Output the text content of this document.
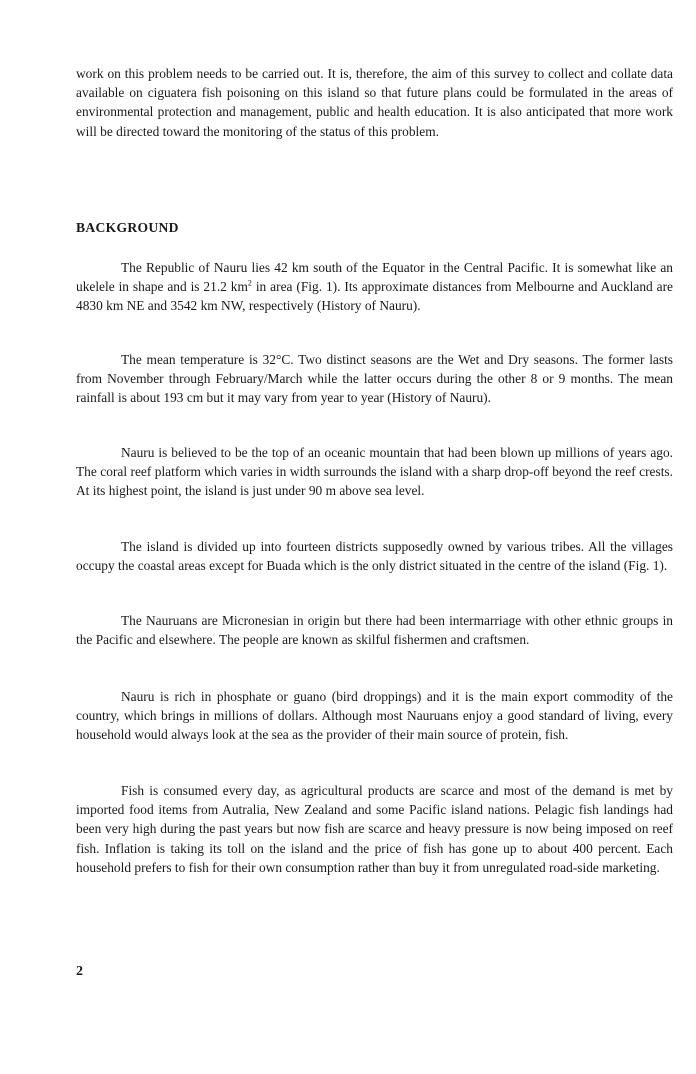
work on this problem needs to be carried out. It is, therefore, the aim of this survey to collect and collate data available on ciguatera fish poisoning on this island so that future plans could be formulated in the areas of environmental protection and management, public and health education. It is also anticipated that more work will be directed toward the monitoring of the status of this problem.

BACKGROUND

The Republic of Nauru lies 42 km south of the Equator in the Central Pacific. It is somewhat like an ukelele in shape and is 21.2 $km^2$ in area (Fig. 1). Its approximate distances from Melbourne and Auckland are 4830 km NE and 3542 km NW, respectively (History of Nauru).

The mean temperature is 32°C. Two distinct seasons are the Wet and Dry seasons. The former lasts from November through February/March while the latter occurs during the other 8 or 9 months. The mean rainfall is about 193 cm but it may vary from year to year (History of Nauru).

Nauru is believed to be the top of an oceanic mountain that had been blown up millions of years ago. The coral reef platform which varies in width surrounds the island with a sharp drop-off beyond the reef crests. At its highest point, the island is just under 90 m above sea level.

The island is divided up into fourteen districts supposedly owned by various tribes. All the villages occupy the coastal areas except for Buada which is the only district situated in the centre of the island (Fig. 1).

The Nauruans are Micronesian in origin but there had been intermarriage with other ethnic groups in the Pacific and elsewhere. The people are known as skilful fishermen and craftsmen.

Nauru is rich in phosphate or guano (bird droppings) and it is the main export commodity of the country, which brings in millions of dollars. Although most Nauruans enjoy a good standard of living, every household would always look at the sea as the provider of their main source of protein, fish.

Fish is consumed every day, as agricultural products are scarce and most of the demand is met by imported food items from Autralia, New Zealand and some Pacific island nations. Pelagic fish landings had been very high during the past years but now fish are scarce and heavy pressure is now being imposed on reef fish. Inflation is taking its toll on the island and the price of fish has gone up to about 400 percent. Each household prefers to fish for their own consumption rather than buy it from unregulated road-side marketing.

2
